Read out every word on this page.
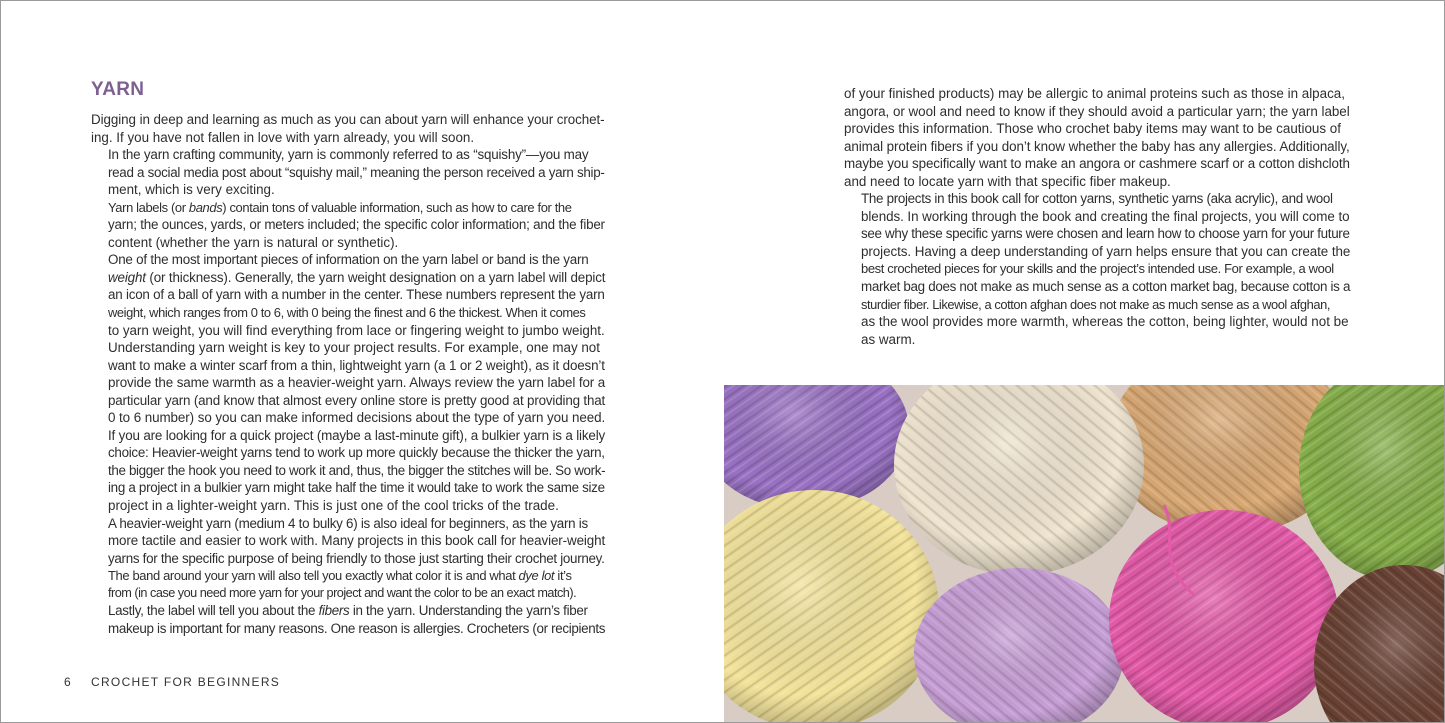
YARN

Digging in deep and learning as much as you can about yarn will enhance your crochet-
ing. If you have not fallen in love with yarn already, you will soon.

In the yarn crafting community, yarn is commonly referred to as “squishy”—you may
read a social media post about “squishy mail,” meaning the person received a yarn ship-
ment, which is very exciting.

Yarn labels (or bands) contain tons of valuable information, such as how to care for the
yarn; the ounces, yards, or meters included; the specific color information; and the fiber
content (whether the yarn is natural or synthetic).

One of the most important pieces of information on the yarn label or band is the yarn
weight (or thickness). Generally, the yarn weight designation on a yarn label will depict
an icon of a ball of yarn with a number in the center. These numbers represent the yarn
weight, which ranges from 0 to 6, with 0 being the finest and 6 the thickest. When it comes
to yarn weight, you will find everything from lace or fingering weight to jumbo weight.
Understanding yarn weight is key to your project results. For example, one may not
want to make a winter scarf from a thin, lightweight yarn (a 1 or 2 weight), as it doesn’t
provide the same warmth as a heavier-weight yarn. Always review the yarn label for a
particular yarn (and know that almost every online store is pretty good at providing that
0 to 6 number) so you can make informed decisions about the type of yarn you need.
If you are looking for a quick project (maybe a last-minute gift), a bulkier yarn is a likely
choice: Heavier-weight yarns tend to work up more quickly because the thicker the yarn,
the bigger the hook you need to work it and, thus, the bigger the stitches will be. So work-
ing a project in a bulkier yarn might take half the time it would take to work the same size
project in a lighter-weight yarn. This is just one of the cool tricks of the trade.

A heavier-weight yarn (medium 4 to bulky 6) is also ideal for beginners, as the yarn is
more tactile and easier to work with. Many projects in this book call for heavier-weight
yarns for the specific purpose of being friendly to those just starting their crochet journey.

The band around your yarn will also tell you exactly what color it is and what dye lot it’s
from (in case you need more yarn for your project and want the color to be an exact match).

Lastly, the label will tell you about the fibers in the yarn. Understanding the yarn’s fiber
makeup is important for many reasons. One reason is allergies. Crocheters (or recipients

6 CROCHET FOR BEGINNERS

of your finished products) may be allergic to animal proteins such as those in alpaca,
angora, or wool and need to know if they should avoid a particular yarn; the yarn label
provides this information. Those who crochet baby items may want to be cautious of
animal protein fibers if you don’t know whether the baby has any allergies. Additionally,
maybe you specifically want to make an angora or cashmere scarf or a cotton dishcloth
and need to locate yarn with that specific fiber makeup.

The projects in this book call for cotton yarns, synthetic yarns (aka acrylic), and wool
blends. In working through the book and creating the final projects, you will come to
see why these specific yarns were chosen and learn how to choose yarn for your future
projects. Having a deep understanding of yarn helps ensure that you can create the
best crocheted pieces for your skills and the project’s intended use. For example, a wool
market bag does not make as much sense as a cotton market bag, because cotton is a
sturdier fiber. Likewise, a cotton afghan does not make as much sense as a wool afghan,
as the wool provides more warmth, whereas the cotton, being lighter, would not be
as warm.
